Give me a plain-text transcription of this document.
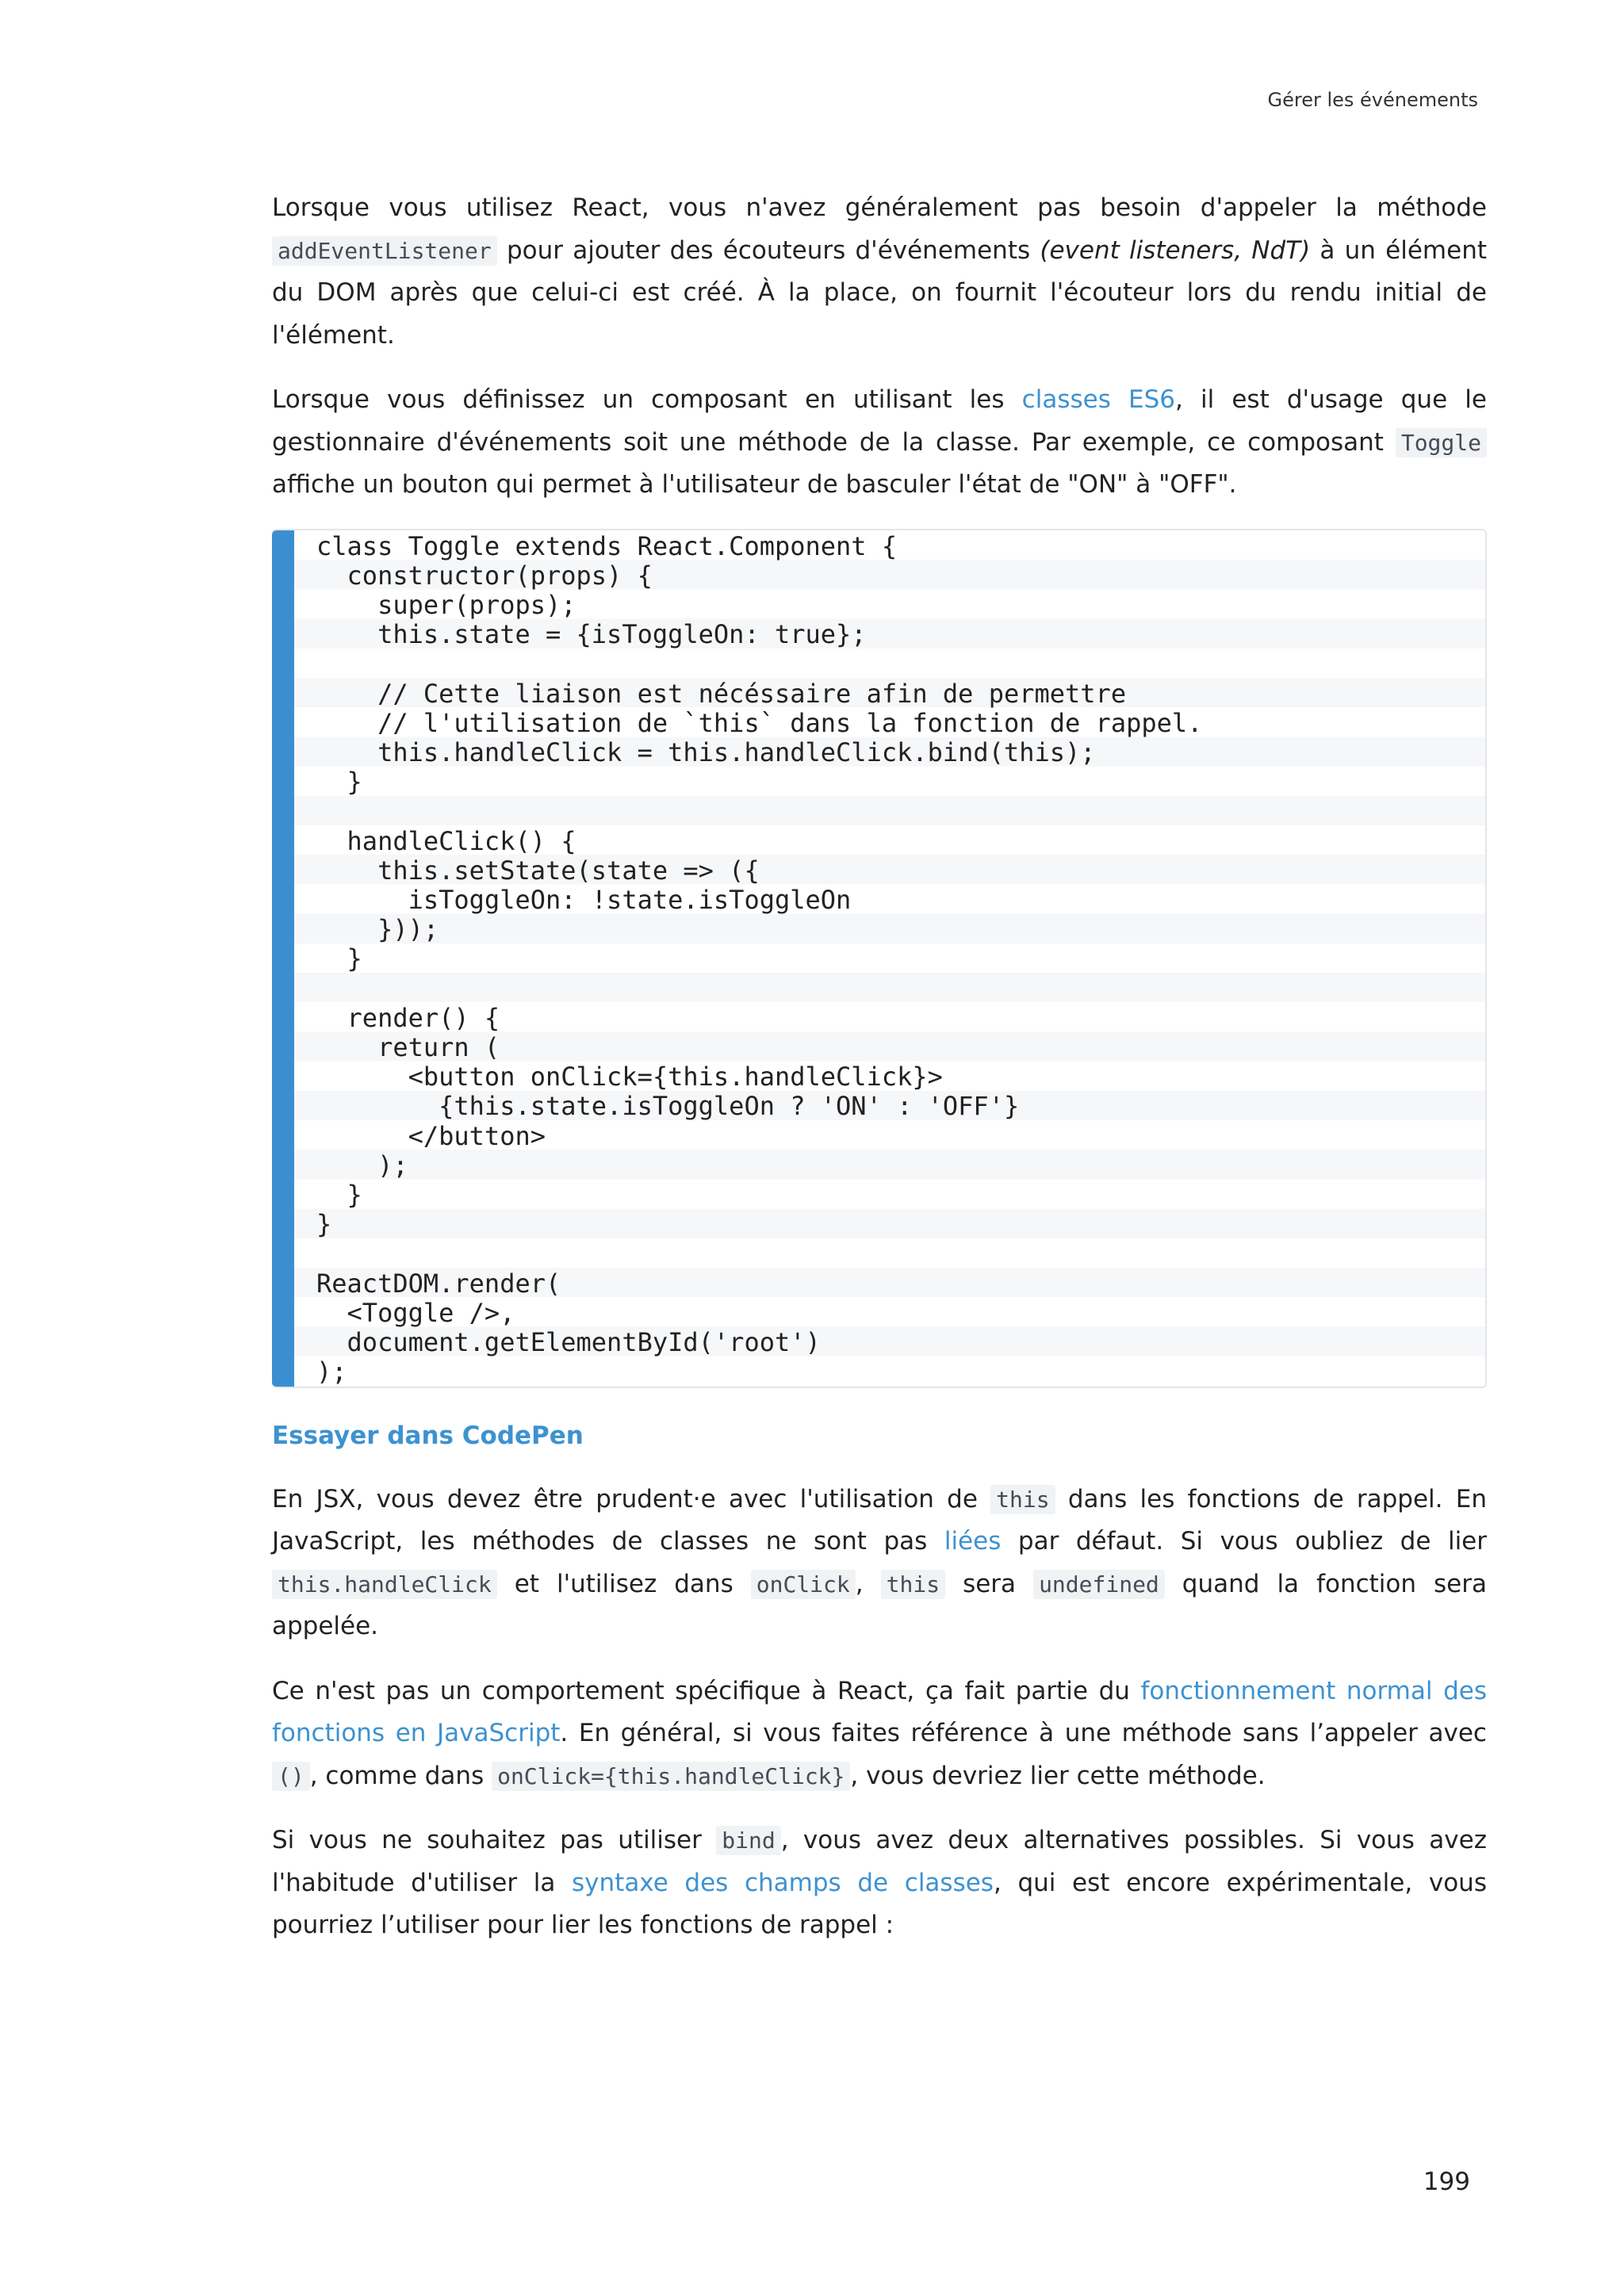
Gérer les événements

Lorsque vous utilisez React, vous n'avez généralement pas besoin d'appeler la méthode addEventListener pour ajouter des écouteurs d'événements (event listeners, NdT) à un élément du DOM après que celui-ci est créé. À la place, on fournit l'écouteur lors du rendu initial de l'élément.

Lorsque vous définissez un composant en utilisant les classes ES6, il est d'usage que le gestionnaire d'événements soit une méthode de la classe. Par exemple, ce composant Toggle affiche un bouton qui permet à l'utilisateur de basculer l'état de "ON" à "OFF".

class Toggle extends React.Component {
constructor(props) {
super(props);
this.state = {isToggleOn: true};
// Cette liaison est nécéssaire afin de permettre
// l'utilisation de `this` dans la fonction de rappel.
this.handleClick = this.handleClick.bind(this);
}
handleClick() {
this.setState(state => ({
isToggleOn: !state.isToggleOn
}));
}
render() {
return (
<button onClick={this.handleClick}>
{this.state.isToggleOn ? 'ON' : 'OFF'}
</button>
);
}
}
ReactDOM.render(
<Toggle />,
document.getElementById('root')
);
Essayer dans CodePen

En JSX, vous devez être prudent·e avec l'utilisation de this dans les fonctions de rappel. En JavaScript, les méthodes de classes ne sont pas liées par défaut. Si vous oubliez de lier this.handleClick et l'utilisez dans onClick , this sera undefined quand la fonction sera appelée.

Ce n'est pas un comportement spécifique à React, ça fait partie du fonctionnement normal des fonctions en JavaScript. En général, si vous faites référence à une méthode sans l’appeler avec () , comme dans onClick={this.handleClick} , vous devriez lier cette méthode.

Si vous ne souhaitez pas utiliser bind , vous avez deux alternatives possibles. Si vous avez l'habitude d'utiliser la syntaxe des champs de classes, qui est encore expérimentale, vous pourriez l’utiliser pour lier les fonctions de rappel :

199
